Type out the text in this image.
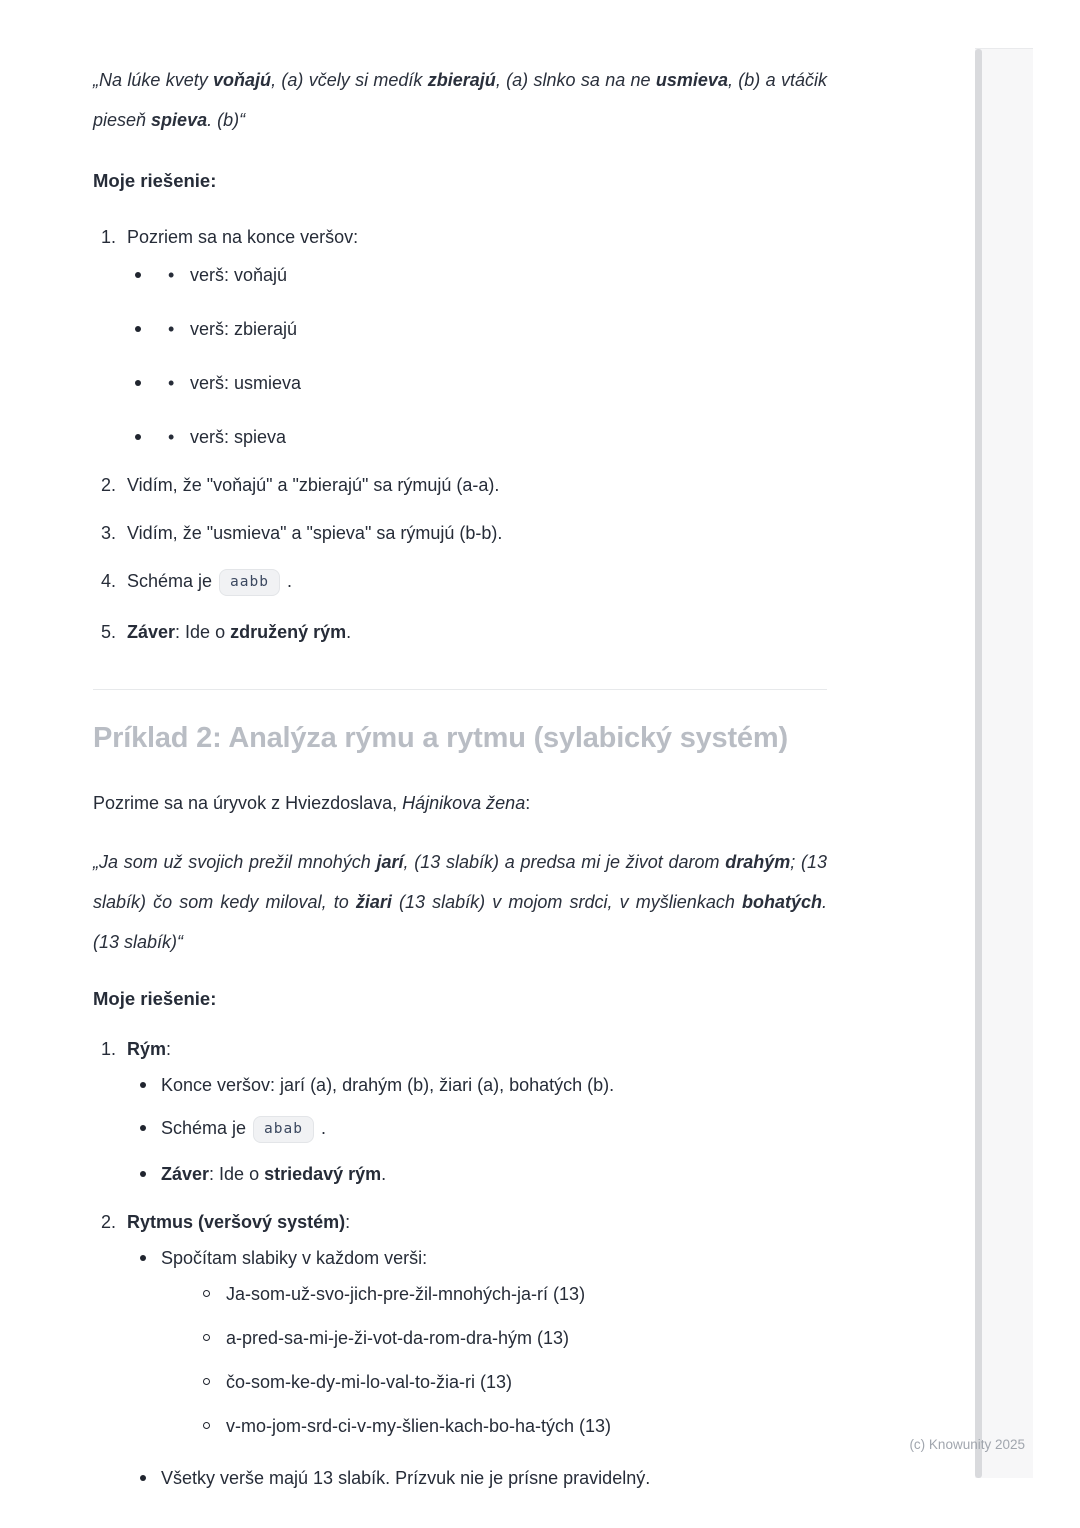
„Na lúke kvety voňajú, (a) včely si medík zbierajú, (a) slnko sa na ne usmieva, (b) a vtáčik pieseň spieva. (b)“

Moje riešenie:

1. Pozriem sa na konce veršov:
• verš: voňajú
• verš: zbierajú
• verš: usmieva
• verš: spieva
2. Vidím, že "voňajú" a "zbierajú" sa rýmujú (a-a).
3. Vidím, že "usmieva" a "spieva" sa rýmujú (b-b).
4. Schéma je aabb .
5. Záver: Ide o združený rým.
Príklad 2: Analýza rýmu a rytmu (sylabický systém)

Pozrime sa na úryvok z Hviezdoslava, Hájnikova žena:

„Ja som už svojich prežil mnohých jarí, (13 slabík) a predsa mi je život darom drahým; (13 slabík) čo som kedy miloval, to žiari (13 slabík) v mojom srdci, v myšlienkach bohatých. (13 slabík)“

Moje riešenie:

1. Rým:
Konce veršov: jarí (a), drahým (b), žiari (a), bohatých (b).
Schéma je abab .
Záver: Ide o striedavý rým.
2. Rytmus (veršový systém):
Spočítam slabiky v každom verši:
Ja-som-už-svo-jich-pre-žil-mnohých-ja-rí (13)
a-pred-sa-mi-je-ži-vot-da-rom-dra-hým (13)
čo-som-ke-dy-mi-lo-val-to-žia-ri (13)
v-mo-jom-srd-ci-v-my-šlien-kach-bo-ha-tých (13)
Všetky verše majú 13 slabík. Prízvuk nie je prísne pravidelný.
(c) Knowunity 2025
